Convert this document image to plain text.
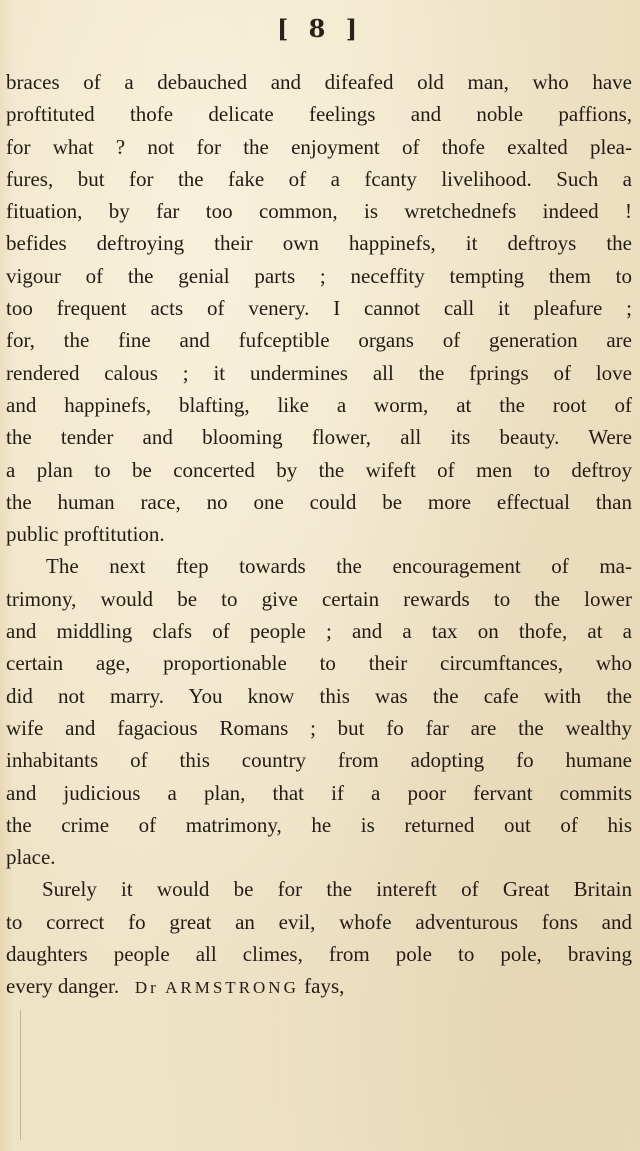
[ 8 ]
braces of a debauched and difeafed old man, who have
proftituted thofe delicate feelings and noble paffions,
for what ? not for the enjoyment of thofe exalted plea-
fures, but for the fake of a fcanty livelihood. Such a
fituation, by far too common, is wretchednefs indeed !
befides deftroying their own happinefs, it deftroys the
vigour of the genial parts ; neceffity tempting them to
too frequent acts of venery. I cannot call it pleafure ;
for, the fine and fufceptible organs of generation are
rendered calous ; it undermines all the fprings of love
and happinefs, blafting, like a worm, at the root of
the tender and blooming flower, all its beauty. Were
a plan to be concerted by the wifeft of men to deftroy
the human race, no one could be more effectual than
public proftitution.
The next ftep towards the encouragement of ma-
trimony, would be to give certain rewards to the lower
and middling clafs of people ; and a tax on thofe, at a
certain age, proportionable to their circumftances, who
did not marry. You know this was the cafe with the
wife and fagacious Romans ; but fo far are the wealthy
inhabitants of this country from adopting fo humane
and judicious a plan, that if a poor fervant commits
the crime of matrimony, he is returned out of his
place.
Surely it would be for the intereft of Great Britain
to correct fo great an evil, whofe adventurous fons and
daughters people all climes, from pole to pole, braving
every danger. Dr ARMSTRONG fays,
